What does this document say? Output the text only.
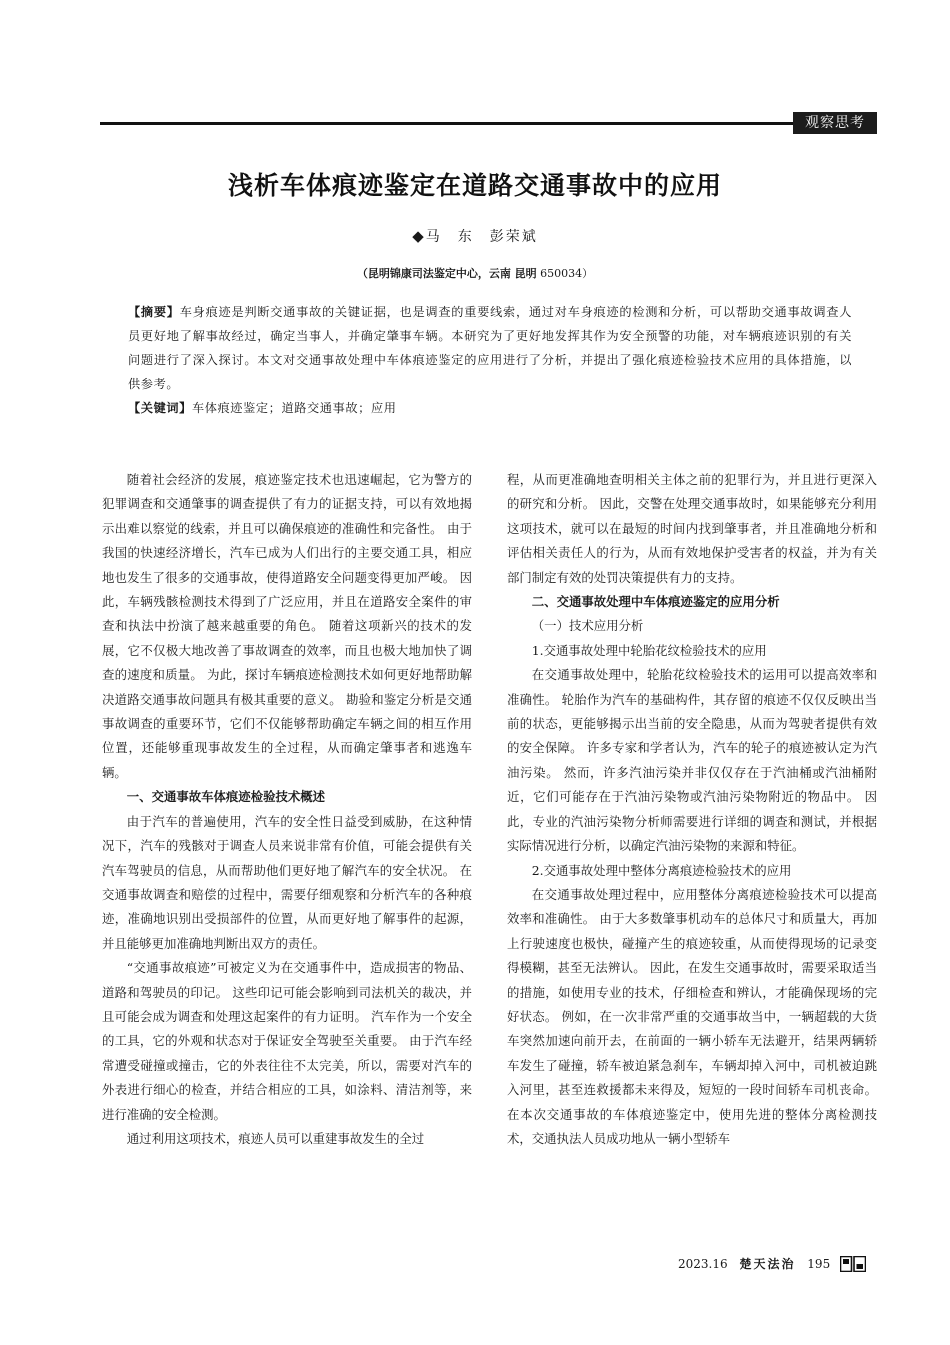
观察思考
浅析车体痕迹鉴定在道路交通事故中的应用
◆马　东　彭荣斌
（昆明锦康司法鉴定中心，云南 昆明 650034）

【摘要】车身痕迹是判断交通事故的关键证据，也是调查的重要线索，通过对车身痕迹的检测和分析，可以帮助交通事故调查人员更好地了解事故经过，确定当事人，并确定肇事车辆。本研究为了更好地发挥其作为安全预警的功能，对车辆痕迹识别的有关问题进行了深入探讨。本文对交通事故处理中车体痕迹鉴定的应用进行了分析，并提出了强化痕迹检验技术应用的具体措施，以供参考。

【关键词】车体痕迹鉴定；道路交通事故；应用

随着社会经济的发展，痕迹鉴定技术也迅速崛起，它为警方的犯罪调查和交通肇事的调查提供了有力的证据支持，可以有效地揭示出难以察觉的线索，并且可以确保痕迹的准确性和完备性。 由于我国的快速经济增长，汽车已成为人们出行的主要交通工具，相应地也发生了很多的交通事故，使得道路安全问题变得更加严峻。 因此，车辆残骸检测技术得到了广泛应用，并且在道路安全案件的审查和执法中扮演了越来越重要的角色。 随着这项新兴的技术的发展，它不仅极大地改善了事故调查的效率，而且也极大地加快了调查的速度和质量。 为此，探讨车辆痕迹检测技术如何更好地帮助解决道路交通事故问题具有极其重要的意义。 勘验和鉴定分析是交通事故调查的重要环节，它们不仅能够帮助确定车辆之间的相互作用位置，还能够重现事故发生的全过程，从而确定肇事者和逃逸车辆。

一、交通事故车体痕迹检验技术概述

由于汽车的普遍使用，汽车的安全性日益受到威胁，在这种情况下，汽车的残骸对于调查人员来说非常有价值，可能会提供有关汽车驾驶员的信息，从而帮助他们更好地了解汽车的安全状况。 在交通事故调查和赔偿的过程中，需要仔细观察和分析汽车的各种痕迹，准确地识别出受损部件的位置，从而更好地了解事件的起源，并且能够更加准确地判断出双方的责任。

“交通事故痕迹”可被定义为在交通事件中，造成损害的物品、道路和驾驶员的印记。 这些印记可能会影响到司法机关的裁决，并且可能会成为调查和处理这起案件的有力证明。 汽车作为一个安全的工具，它的外观和状态对于保证安全驾驶至关重要。 由于汽车经常遭受碰撞或撞击，它的外表往往不太完美，所以，需要对汽车的外表进行细心的检查，并结合相应的工具，如涂料、清洁剂等，来进行准确的安全检测。

通过利用这项技术，痕迹人员可以重建事故发生的全过

程，从而更准确地查明相关主体之前的犯罪行为，并且进行更深入的研究和分析。 因此，交警在处理交通事故时，如果能够充分利用这项技术，就可以在最短的时间内找到肇事者，并且准确地分析和评估相关责任人的行为，从而有效地保护受害者的权益，并为有关部门制定有效的处罚决策提供有力的支持。

二、交通事故处理中车体痕迹鉴定的应用分析
（一）技术应用分析
1.交通事故处理中轮胎花纹检验技术的应用

在交通事故处理中，轮胎花纹检验技术的运用可以提高效率和准确性。 轮胎作为汽车的基础构件，其存留的痕迹不仅仅反映出当前的状态，更能够揭示出当前的安全隐患，从而为驾驶者提供有效的安全保障。 许多专家和学者认为，汽车的轮子的痕迹被认定为汽油污染。 然而，许多汽油污染并非仅仅存在于汽油桶或汽油桶附近，它们可能存在于汽油污染物或汽油污染物附近的物品中。 因此，专业的汽油污染物分析师需要进行详细的调查和测试，并根据实际情况进行分析，以确定汽油污染物的来源和特征。

2.交通事故处理中整体分离痕迹检验技术的应用

在交通事故处理过程中，应用整体分离痕迹检验技术可以提高效率和准确性。 由于大多数肇事机动车的总体尺寸和质量大，再加上行驶速度也极快，碰撞产生的痕迹较重，从而使得现场的记录变得模糊，甚至无法辨认。 因此，在发生交通事故时，需要采取适当的措施，如使用专业的技术，仔细检查和辨认，才能确保现场的完好状态。 例如，在一次非常严重的交通事故当中，一辆超载的大货车突然加速向前开去，在前面的一辆小轿车无法避开，结果两辆轿车发生了碰撞，轿车被迫紧急刹车，车辆却掉入河中，司机被迫跳入河里，甚至连救援都未来得及，短短的一段时间轿车司机丧命。 在本次交通事故的车体痕迹鉴定中，使用先进的整体分离检测技术，交通执法人员成功地从一辆小型轿车

2023.16 楚天法治 195
